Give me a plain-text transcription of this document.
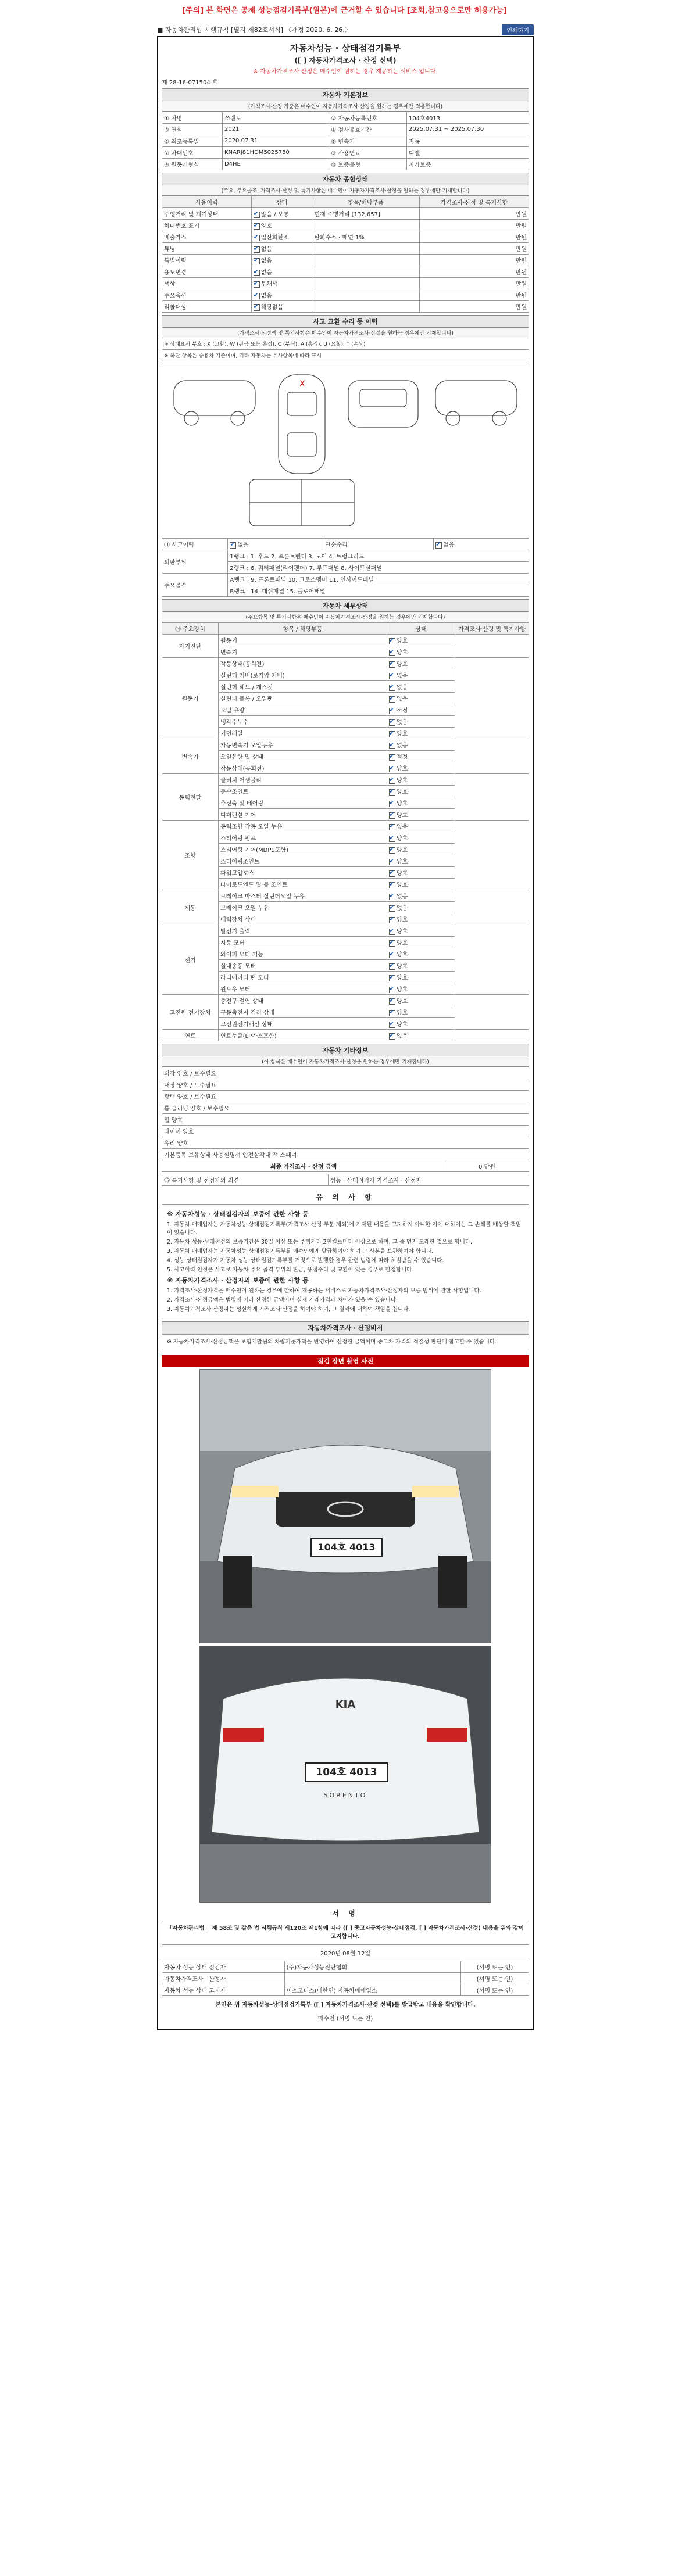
[주의] 본 화면은 공제 성능점검기록부(원본)에 근거할 수 있습니다 [조회,참고용으로만 허용가능]
■ 자동차관리법 시행규칙 [별지 제82호서식] 〈개정 2020. 6. 26.〉	인쇄하기
자동차성능 · 상태점검기록부
([ ] 자동차가격조사 · 산정 선택)
※ 자동차가격조사·산정은 매수인이 원하는 경우 제공하는 서비스 입니다.
제 28-16-071504 호
자동차 기본정보
(가격조사·산정 가준은 매수인이 자동차가격조사·산정을 원하는 경우에만 적용합니다)
① 차명	쏘렌토	② 자동차등록번호	104호4013
③ 연식	2021	④ 검사유효기간	2025.07.31 ~ 2025.07.30
⑤ 최초등록일	2020.07.31	⑥ 변속기	자동
⑦ 차대번호	KNARJ81HDM5025780	⑧ 사용연료	디젤
⑨ 원동기형식	D4HE	⑩ 보증유형	자가보증
자동차 종합상태
(주요, 주요골조, 가격조사·산정 및 특기사항은 매수인이 자동차가격조사·산정을 원하는 경우에만 기재합니다)
사용이력	상태	항목/해당부품	가격조사·산정 및 특기사항
주행거리 및 계기상태	✔많음 / 보통	현재 주행거리 [132,657]	만원
차대번호 표기	✔양호		만원
배출가스	✔일산화탄소	탄화수소 · 매연 1%	만원
튜닝	✔없음		만원
특별이력	✔없음		만원
용도변경	✔없음		만원
색상	✔무채색		만원
주요옵션	✔없음		만원
리콜대상	✔해당없음		만원
사고 교환 수리 등 이력
(가격조사·산정액 및 특기사항은 매수인이 자동차가격조사·산정을 원하는 경우에만 기재합니다)
※ 상태표시 부호 : X (교환), W (판금 또는 용접), C (부식), A (흠집), U (요철), T (손상)
※ 하단 항목은 승용차 기준이며, 기타 자동차는 유사항목에 따라 표시
X
⑪ 사고이력	✔없음	단순수리	✔없음
외판부위	1랭크 : 1. 후드 2. 프론트펜더 3. 도어 4. 트렁크리드		
	2랭크 : 6. 쿼터패널(리어펜더) 7. 루프패널 8. 사이드실패널		
주요골격	A랭크 : 9. 프론트패널 10. 크로스멤버 11. 인사이드패널		
	B랭크 : 14. 대쉬패널 15. 플로어패널		
자동차 세부상태
(주요항목 및 특기사항은 매수인이 자동차가격조사·산정을 원하는 경우에만 기재합니다)
⑭ 주요장치	항목 / 해당부품	상태	가격조사·산정 및 특기사항
자기진단	원동기	✔양호	
	변속기	✔양호
원동기	작동상태(공회전)	✔양호	
	실린더 커버(로커암 커버)	✔없음
	실린더 헤드 / 개스킷	✔없음
	실린더 블록 / 오일팬	✔없음
	오일 유량	✔적정
	냉각수누수	✔없음
	커먼레일	✔양호
변속기	자동변속기 오일누유	✔없음	
	오일유량 및 상태	✔적정
	작동상태(공회전)	✔양호
동력전달	클러치 어셈블리	✔양호	
	등속조인트	✔양호
	추진축 및 베어링	✔양호
	디퍼렌셜 기어	✔양호
조향	동력조향 작동 오일 누유	✔없음	
	스티어링 펌프	✔양호
	스티어링 기어(MDPS포함)	✔양호
	스티어링조인트	✔양호
	파워고압호스	✔양호
	타이로드엔드 및 볼 조인트	✔양호
제동	브레이크 마스터 실린더오일 누유	✔없음	
	브레이크 오일 누유	✔없음
	배력장치 상태	✔양호
전기	발전기 출력	✔양호	
	시동 모터	✔양호
	와이퍼 모터 기능	✔양호
	실내송풍 모터	✔양호
	라디에이터 팬 모터	✔양호
	윈도우 모터	✔양호
고전원 전기장치	충전구 절연 상태	✔양호	
	구동축전지 격리 상태	✔양호
	고전원전기배선 상태	✔양호
연료	연료누출(LP가스포함)	✔없음	
자동차 기타정보
(이 항목은 매수인이 자동차가격조사·산정을 원하는 경우에만 기재합니다)
외장 양호 / 보수필요
내장 양호 / 보수필요
광택 양호 / 보수필요
룸 클리닝 양호 / 보수필요
휠 양호
타이어 양호
유리 양호
기본품목 보유상태 사용설명서 안전삼각대 잭 스패너
최종 가격조사 · 산정 금액	0 만원
⑮ 특기사항 및 점검자의 의견	성능 · 상태점검자 가격조사 · 산정자
유 의 사 항
※ 자동차성능 · 상태점검자의 보증에 관한 사항 등

1. 자동차 매매업자는 자동차성능·상태점검기록부(가격조사·산정 부분 제외)에 기재된 내용을 고지하지 아니한 자에 대하여는 그 손해를 배상할 책임이 있습니다.

2. 자동차 성능·상태점검의 보증기간은 30일 이상 또는 주행거리 2천킬로미터 이상으로 하며, 그 중 먼저 도래한 것으로 합니다.

3. 자동차 매매업자는 자동차성능·상태점검기록부를 매수인에게 발급하여야 하며 그 사본을 보관하여야 합니다.

4. 성능·상태점검자가 자동차 성능·상태점검기록부를 거짓으로 발행한 경우 관련 법령에 따라 처벌받을 수 있습니다.

5. 사고이력 인정은 사고로 자동차 주요 골격 부위의 판금, 용접수리 및 교환이 있는 경우로 한정합니다.

※ 자동차가격조사 · 산정자의 보증에 관한 사항 등

1. 가격조사·산정가격은 매수인이 원하는 경우에 한하여 제공하는 서비스로 자동차가격조사·산정자의 보증 범위에 관한 사항입니다.

2. 가격조사·산정금액은 법령에 따라 산정한 금액이며 실제 거래가격과 차이가 있을 수 있습니다.

3. 자동차가격조사·산정자는 성실하게 가격조사·산정을 하여야 하며, 그 결과에 대하여 책임을 집니다.

자동차가격조사 · 산정비서
※ 자동차가격조사·산정금액은 보험개발원의 차량기준가액을 반영하여 산정한 금액이며 중고차 가격의 적절성 판단에 참고할 수 있습니다.
점검 장면 촬영 사진
104호 4013
KIA
104호 4013
SORENTO
서 명
「자동차관리법」 제 58조 및 같은 법 시행규칙 제120조 제1항에 따라 ([ ] 중고자동차성능·상태점검, [ ] 자동차가격조사·산정) 내용을 위와 같이 고지합니다.
2020년 08월 12일
자동차 성능 상태 점검자	(주)자동차성능진단협회	(서명 또는 인)
자동차가격조사 · 산정자		(서명 또는 인)
자동차 성능 상태 고지자	미소모터스(대한민) 자동차매매업소	(서명 또는 인)
본인은 위 자동차성능·상태점검기록부 ([ ] 자동차가격조사·산정 선택)를 발급받고 내용을 확인합니다.
매수인 (서명 또는 인)
